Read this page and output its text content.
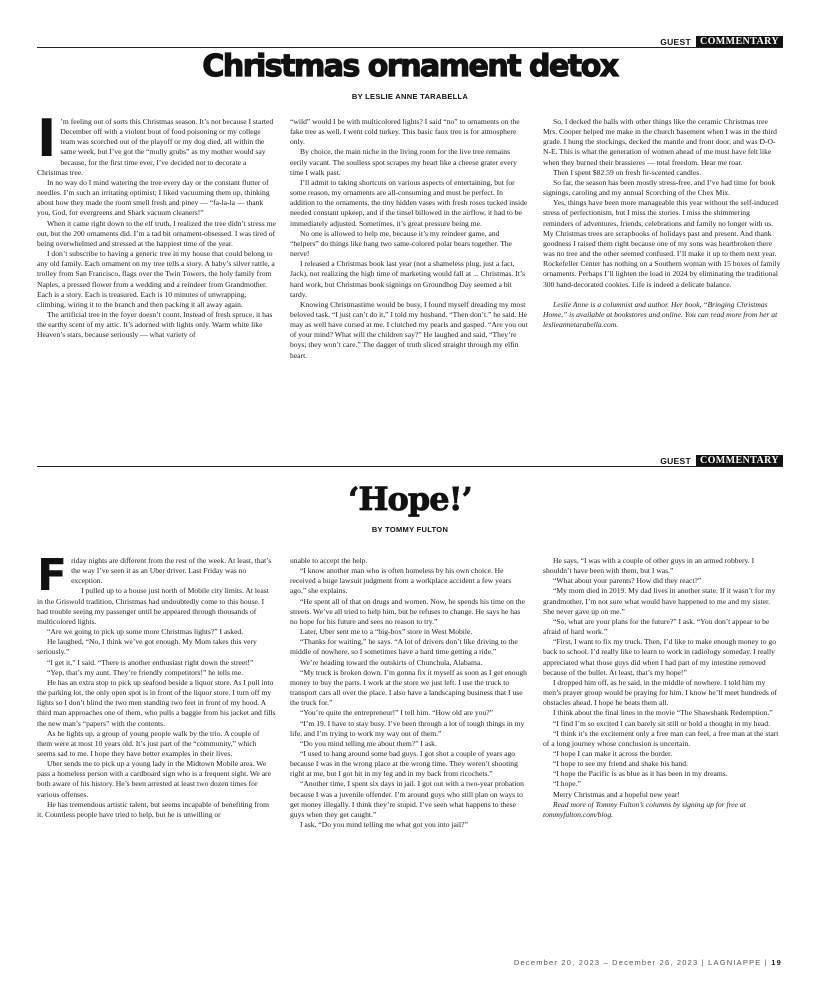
GUEST COMMENTARY
Christmas ornament detox
BY LESLIE ANNE TARABELLA

I ’m feeling out of sorts this Christmas season. It’s not because I started December off with a violent bout of food poisoning or my college team was scorched out of the playoff or my dog died, all within the same week, but I’ve got the “mully grubs” as my mother would say because, for the first time ever, I’ve decided not to decorate a Christmas tree.

In no way do I mind watering the tree every day or the constant flutter of needles. I’m such an irritating optimist; I liked vacuuming them up, thinking about how they made the room smell fresh and piney — “fa-la-la — thank you, God, for evergreens and Shark vacuum cleaners!”

When it came right down to the elf truth, I realized the tree didn’t stress me out, but the 200 ornaments did. I’m a tad bit ornament-obsessed. I was tired of being overwhelmed and stressed at the happiest time of the year.

I don’t subscribe to having a generic tree in my house that could belong to any old family. Each ornament on my tree tells a story. A baby’s silver rattle, a trolley from San Francisco, flags over the Twin Towers, the holy family from Naples, a pressed flower from a wedding and a reindeer from Grandmother. Each is a story. Each is treasured. Each is 10 minutes of unwrapping, climbing, wiring it to the branch and then packing it all away again.

The artificial tree in the foyer doesn’t count. Instead of fresh spruce, it has the earthy scent of my attic. It’s adorned with lights only. Warm white like Heaven’s stars, because seriously — what variety of

“wild” would I be with multicolored lights? I said “no” to ornaments on the fake tree as well. I went cold turkey. This basic faux tree is for atmosphere only.

By choice, the main niche in the living room for the live tree remains eerily vacant. The soulless spot scrapes my heart like a cheese grater every time I walk past.

I’ll admit to taking shortcuts on various aspects of entertaining, but for some reason, my ornaments are all-consuming and must be perfect. In addition to the ornaments, the tiny hidden vases with fresh roses tucked inside needed constant upkeep, and if the tinsel billowed in the airflow, it had to be immediately adjusted. Sometimes, it’s great pressure being me.

No one is allowed to help me, because it’s my reindeer game, and “helpers” do things like hang two same-colored polar bears together. The nerve!

I released a Christmas book last year (not a shameless plug, just a fact, Jack), not realizing the high time of marketing would fall at ... Christmas. It’s hard work, but Christmas book signings on Groundhog Day seemed a bit tardy.

Knowing Christmastime would be busy, I found myself dreading my most beloved task. “I just can’t do it,” I told my husband. “Then don’t.” he said. He may as well have cursed at me. I clutched my pearls and gasped. “Are you out of your mind? What will the children say?” He laughed and said, “They’re boys; they won’t care.” The dagger of truth sliced straight through my elfin heart.

So, I decked the halls with other things like the ceramic Christmas tree Mrs. Cooper helped me make in the church basement when I was in the third grade. I hung the stockings, decked the mantle and front door, and was D-O-N-E. This is what the generation of women ahead of me must have felt like when they burned their brassieres — total freedom. Hear me roar.

Then I spent $82.59 on fresh fir-scented candles.

So far, the season has been mostly stress-free, and I’ve had time for book signings, caroling and my annual Scorching of the Chex Mix.

Yes, things have been more manageable this year without the self-induced stress of perfectionism, but I miss the stories. I miss the shimmering reminders of adventures, friends, celebrations and family no longer with us. My Christmas trees are scrapbooks of holidays past and present. And thank goodness I raised them right because one of my sons was heartbroken there was no tree and the other seemed confused. I’ll make it up to them next year. Rockefeller Center has nothing on a Southern woman with 15 boxes of family ornaments. Perhaps I’ll lighten the load in 2024 by eliminating the traditional 300 hand-decorated cookies. Life is indeed a delicate balance.

Leslie Anne is a columnist and author. Her book, “Bringing Christmas Home,” is available at bookstores and online. You can read more from her at leslieannetarabella.com.

GUEST COMMENTARY
‘Hope!’
BY TOMMY FULTON

Friday nights are different from the rest of the week. At least, that’s the way I’ve seen it as an Uber driver. Last Friday was no exception.

I pulled up to a house just north of Mobile city limits. At least in the Griswold tradition, Christmas had undoubtedly come to this house. I had trouble seeing my passenger until he appeared through thousands of multicolored lights.

“Are we going to pick up some more Christmas lights?” I asked.

He laughed, “No, I think we’ve got enough. My Mom takes this very seriously.”

“I get it,” I said. “There is another enthusiast right down the street!”

“Yep, that’s my aunt. They’re friendly competitors!” he tells me.

He has an extra stop to pick up seafood beside a liquor store. As I pull into the parking lot, the only open spot is in front of the liquor store. I turn off my lights so I don’t blind the two men standing two feet in front of my hood. A third man approaches one of them, who pulls a baggie from his jacket and fills the new man’s “papers” with the contents.

As he lights up, a group of young people walk by the trio. A couple of them were at most 10 years old. It’s just part of the “community,” which seems sad to me. I hope they have better examples in their lives.

Uber sends me to pick up a young lady in the Midtown Mobile area. We pass a homeless person with a cardboard sign who is a frequent sight. We are both aware of his history. He’s been arrested at least two dozen times for various offenses.

He has tremendous artistic talent, but seems incapable of benefiting from it. Countless people have tried to help, but he is unwilling or

unable to accept the help.

“I know another man who is often homeless by his own choice. He received a huge lawsuit judgment from a workplace accident a few years ago,” she explains.

“He spent all of that on drugs and women. Now, he spends his time on the streets. We’ve all tried to help him, but he refuses to change. He says he has no hope for his future and sees no reason to try.”

Later, Uber sent me to a “big-box” store in West Mobile.

“Thanks for waiting,” he says. “A lot of drivers don’t like driving to the middle of nowhere, so I sometimes have a hard time getting a ride.”

We’re heading toward the outskirts of Chunchula, Alabama.

“My truck is broken down. I’m gonna fix it myself as soon as I get enough money to buy the parts. I work at the store we just left. I use the truck to transport cars all over the place. I also have a landscaping business that I use the truck for.”

“You’re quite the entrepreneur!” I tell him. “How old are you?”

“I’m 19. I have to stay busy. I’ve been through a lot of tough things in my life, and I’m trying to work my way out of them.”

“Do you mind telling me about them?” I ask.

“I used to hang around some bad guys. I got shot a couple of years ago because I was in the wrong place at the wrong time. They weren’t shooting right at me, but I got hit in my leg and in my back from ricochets.”

“Another time, I spent six days in jail. I got out with a two-year probation because I was a juvenile offender. I’m around guys who still plan on ways to get money illegally. I think they’re stupid. I’ve seen what happens to these guys when they get caught.”

I ask, “Do you mind telling me what got you into jail?”

He says, “I was with a couple of other guys in an armed robbery. I shouldn’t have been with them, but I was.”

“What about your parents? How did they react?”

“My mom died in 2019. My dad lives in another state. If it wasn’t for my grandmother, I’m not sure what would have happened to me and my sister. She never gave up on me.”

“So, what are your plans for the future?” I ask. “You don’t appear to be afraid of hard work.”

“First, I want to fix my truck. Then, I’d like to make enough money to go back to school. I’d really like to learn to work in radiology someday. I really appreciated what those guys did when I had part of my intestine removed because of the bullet. At least, that’s my hope!”

I dropped him off, as he said, in the middle of nowhere. I told him my men’s prayer group would be praying for him. I know he’ll meet hundreds of obstacles ahead. I hope he beats them all.

I think about the final lines in the movie “The Shawshank Redemption.”

“I find I’m so excited I can barely sit still or hold a thought in my head.

“I think it’s the excitement only a free man can feel, a free man at the start of a long journey whose conclusion is uncertain.

“I hope I can make it across the border.

“I hope to see my friend and shake his hand.

“I hope the Pacific is as blue as it has been in my dreams.

“I hope.”

Merry Christmas and a hopeful new year!

Read more of Tommy Fulton’s columns by signing up for free at tommyfulton.com/blog.

December 20, 2023 – December 26, 2023 | LAGNIAPPE | 19
